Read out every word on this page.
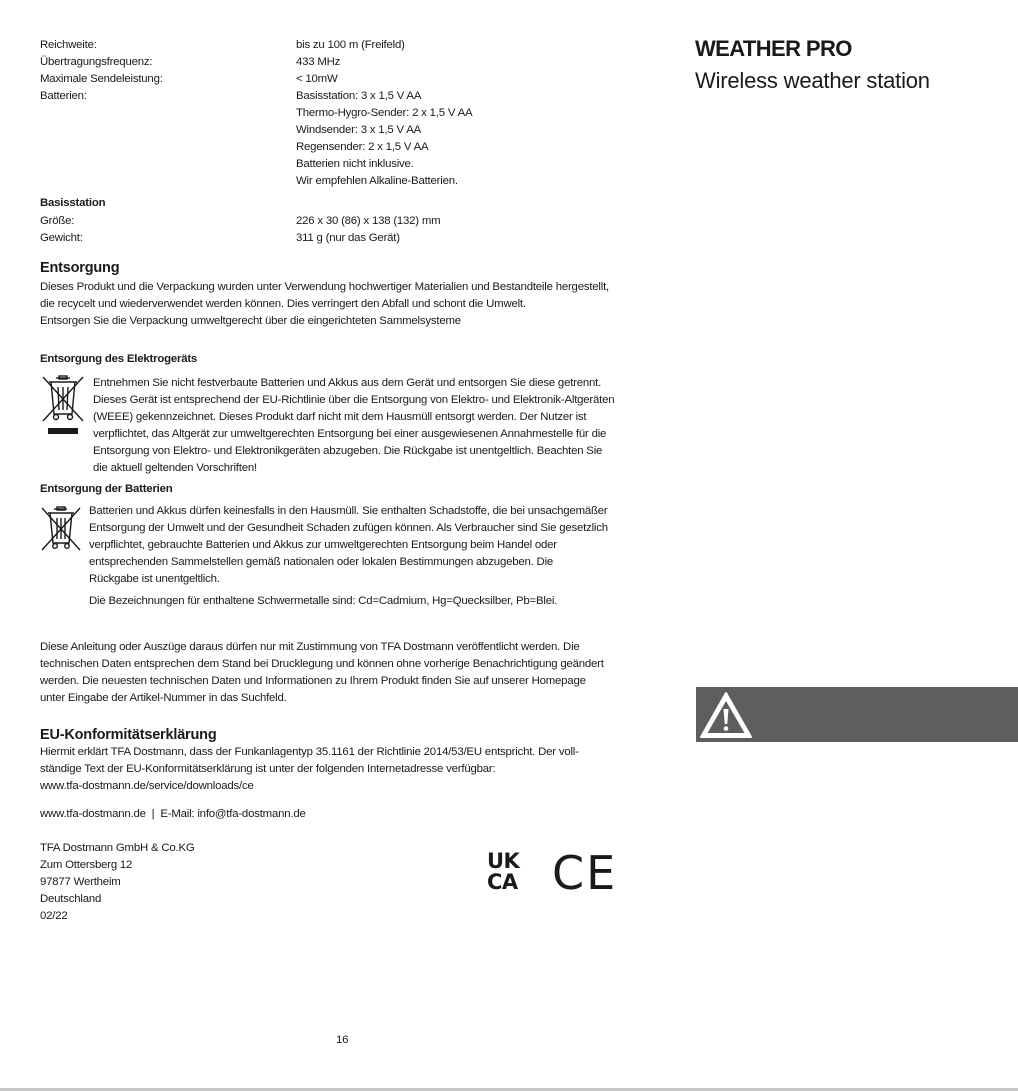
Reichweite:	bis zu 100 m (Freifeld)
Übertragungsfrequenz:	433 MHz
Maximale Sendeleistung:	< 10mW
Batterien:	Basisstation: 3 x 1,5 V AA
Thermo-Hygro-Sender: 2 x 1,5 V AA
Windsender: 3 x 1,5 V AA
Regensender: 2 x 1,5 V AA
Batterien nicht inklusive.
Wir empfehlen Alkaline-Batterien.
Basisstation
Größe:	226 x 30 (86) x 138 (132) mm
Gewicht:	311 g (nur das Gerät)
Entsorgung
Dieses Produkt und die Verpackung wurden unter Verwendung hochwertiger Materialien und Bestandteile hergestellt,
die recycelt und wiederverwendet werden können. Dies verringert den Abfall und schont die Umwelt.
Entsorgen Sie die Verpackung umweltgerecht über die eingerichteten Sammelsysteme
Entsorgung des Elektrogeräts
Entnehmen Sie nicht festverbaute Batterien und Akkus aus dem Gerät und entsorgen Sie diese getrennt.
Dieses Gerät ist entsprechend der EU-Richtlinie über die Entsorgung von Elektro- und Elektronik-Altgeräten
(WEEE) gekennzeichnet. Dieses Produkt darf nicht mit dem Hausmüll entsorgt werden. Der Nutzer ist
verpflichtet, das Altgerät zur umweltgerechten Entsorgung bei einer ausgewiesenen Annahmestelle für die
Entsorgung von Elektro- und Elektronikgeräten abzugeben. Die Rückgabe ist unentgeltlich. Beachten Sie
die aktuell geltenden Vorschriften!
Entsorgung der Batterien
Batterien und Akkus dürfen keinesfalls in den Hausmüll. Sie enthalten Schadstoffe, die bei unsachgemäßer
Entsorgung der Umwelt und der Gesundheit Schaden zufügen können. Als Verbraucher sind Sie gesetzlich
verpflichtet, gebrauchte Batterien und Akkus zur umweltgerechten Entsorgung beim Handel oder
entsprechenden Sammelstellen gemäß nationalen oder lokalen Bestimmungen abzugeben. Die
Rückgabe ist unentgeltlich.
Die Bezeichnungen für enthaltene Schwermetalle sind: Cd=Cadmium, Hg=Quecksilber, Pb=Blei.
Diese Anleitung oder Auszüge daraus dürfen nur mit Zustimmung von TFA Dostmann veröffentlicht werden. Die
technischen Daten entsprechen dem Stand bei Drucklegung und können ohne vorherige Benachrichtigung geändert
werden. Die neuesten technischen Daten und Informationen zu Ihrem Produkt finden Sie auf unserer Homepage
unter Eingabe der Artikel-Nummer in das Suchfeld.
EU-Konformitätserklärung
Hiermit erklärt TFA Dostmann, dass der Funkanlagentyp 35.1161 der Richtlinie 2014/53/EU entspricht. Der voll-
ständige Text der EU-Konformitätserklärung ist unter der folgenden Internetadresse verfügbar:
www.tfa-dostmann.de/service/downloads/ce
www.tfa-dostmann.de  |  E-Mail: info@tfa-dostmann.de
TFA Dostmann GmbH & Co.KG
Zum Ottersberg 12
97877 Wertheim
Deutschland
02/22
UK
CA CE
16
WEATHER PRO
Wireless weather station
